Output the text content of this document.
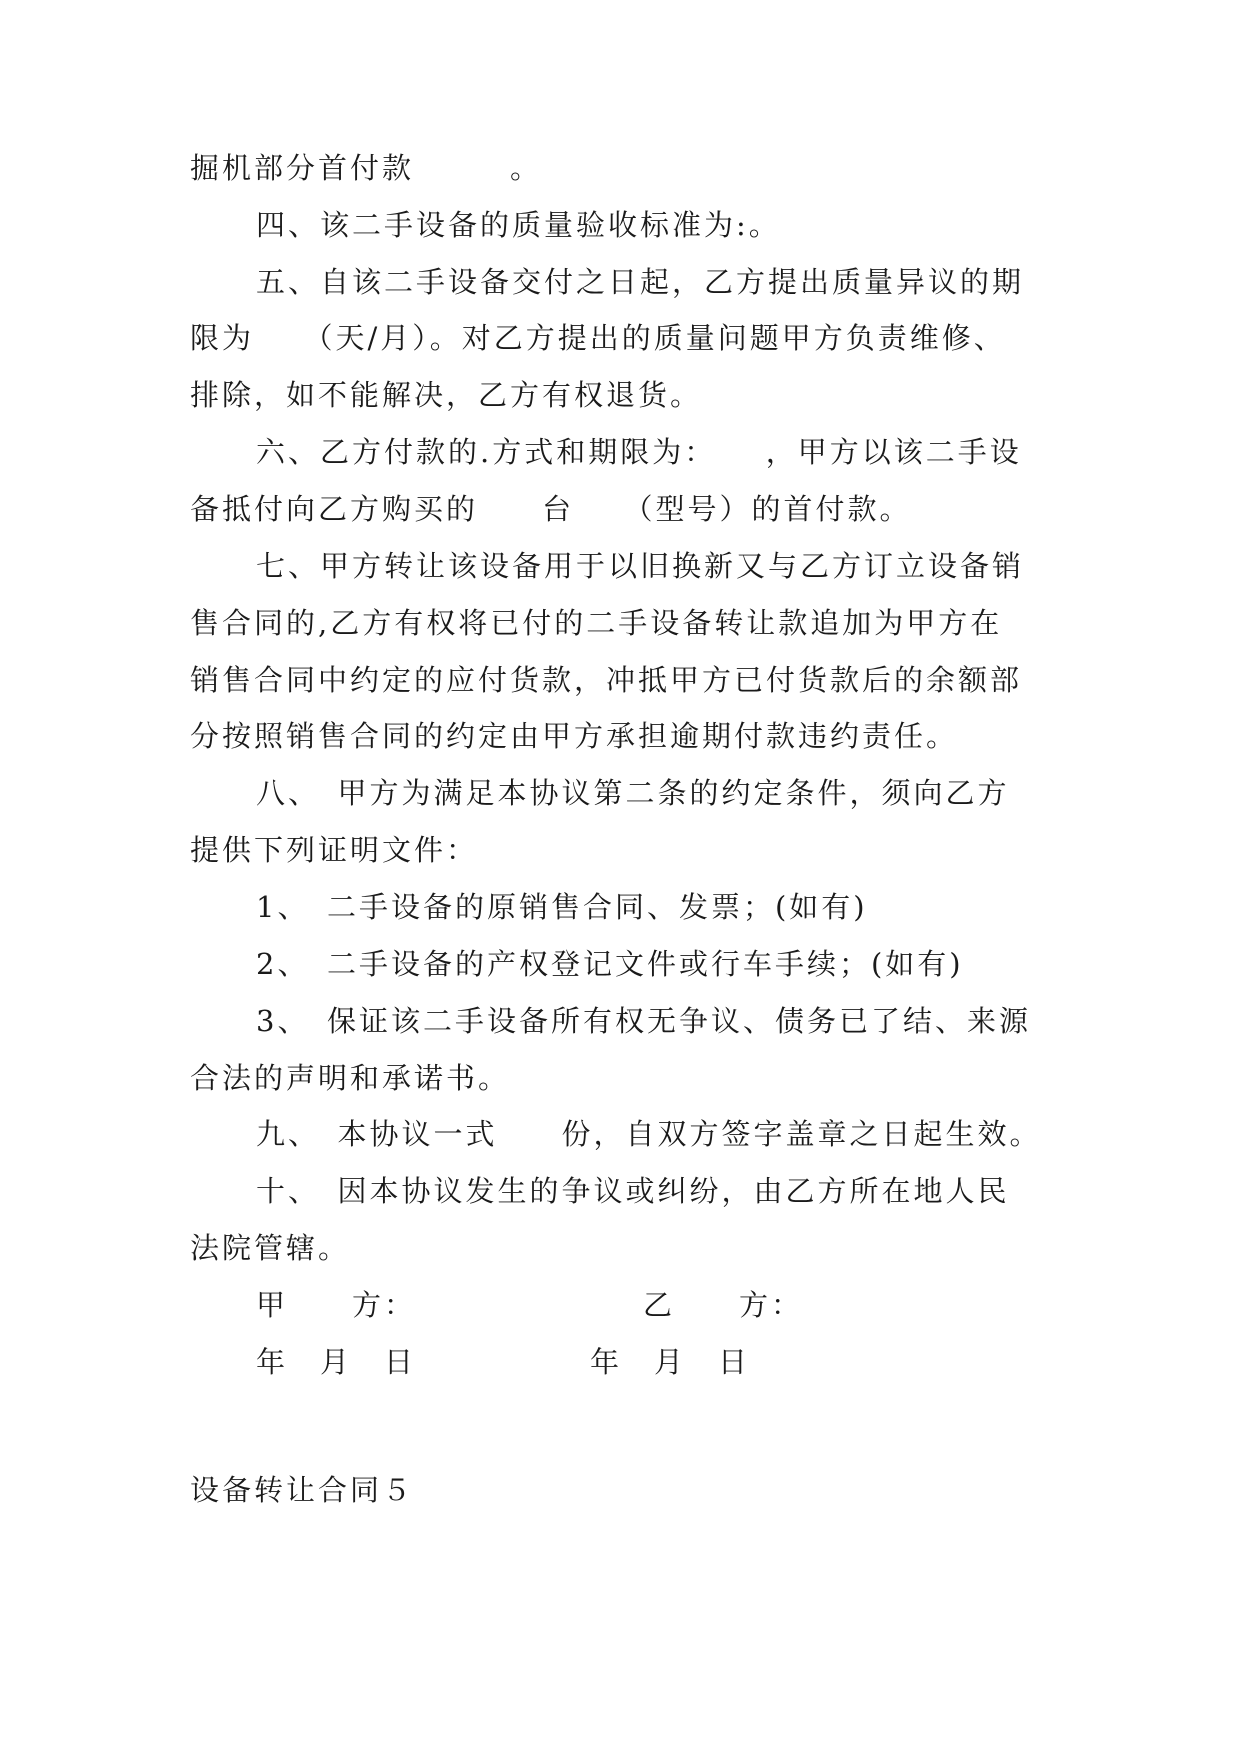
掘机部分首付款　　　。
四、该二手设备的质量验收标准为:。
五、自该二手设备交付之日起，乙方提出质量异议的期
限为　　（天/月）。对乙方提出的质量问题甲方负责维修、
排除，如不能解决，乙方有权退货。
六、乙方付款的.方式和期限为：　　，甲方以该二手设
备抵付向乙方购买的　　台　　（型号）的首付款。
七、甲方转让该设备用于以旧换新又与乙方订立设备销
售合同的,乙方有权将已付的二手设备转让款追加为甲方在
销售合同中约定的应付货款，冲抵甲方已付货款后的余额部
分按照销售合同的约定由甲方承担逾期付款违约责任。
八、　甲方为满足本协议第二条的约定条件，须向乙方
提供下列证明文件：
1、　二手设备的原销售合同、发票；(如有)
2、　二手设备的产权登记文件或行车手续；(如有)
3、　保证该二手设备所有权无争议、债务已了结、来源
合法的声明和承诺书。
九、　本协议一式　　份，自双方签字盖章之日起生效。
十、　因本协议发生的争议或纠纷，由乙方所在地人民
法院管辖。
甲　　方：	乙　　方：
年　月　日	年　月　日
设备转让合同５
